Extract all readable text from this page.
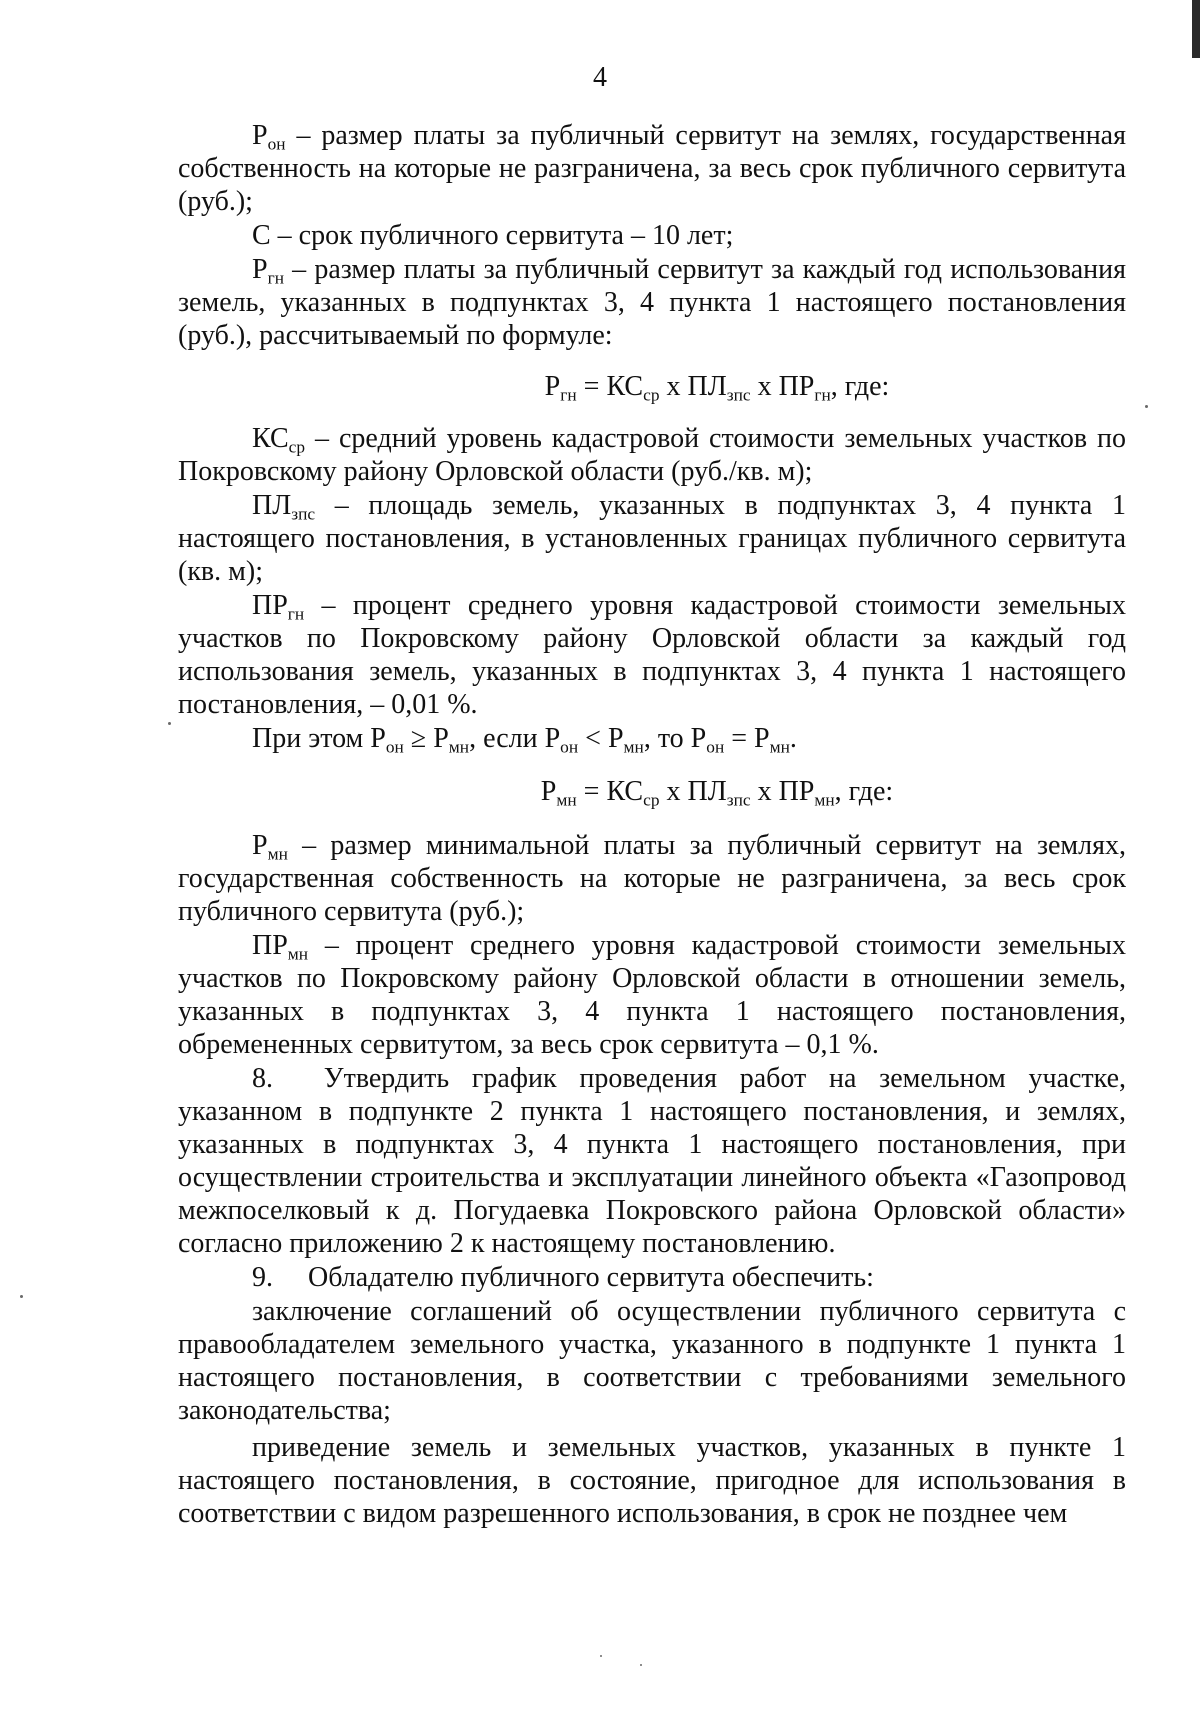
4

$Р_{он}$ – размер платы за публичный сервитут на землях, государственная собственность на которые не разграничена, за весь срок публичного сервитута (руб.);

С – срок публичного сервитута – 10 лет;

$Р_{гн}$ – размер платы за публичный сервитут за каждый год использования земель, указанных в подпунктах 3, 4 пункта 1 настоящего постановления (руб.), рассчитываемый по формуле:

$Р_{гн} = КС_{ср}$ х $ПЛ_{зпс}$ х $ПР_{гн}$, где:

$КС_{ср}$ – средний уровень кадастровой стоимости земельных участков по Покровскому району Орловской области (руб./кв. м);

$ПЛ_{зпс}$ – площадь земель, указанных в подпунктах 3, 4 пункта 1 настоящего постановления, в установленных границах публичного сервитута (кв. м);

$ПР_{гн}$ – процент среднего уровня кадастровой стоимости земельных участков по Покровскому району Орловской области за каждый год использования земель, указанных в подпунктах 3, 4 пункта 1 настоящего постановления, – 0,01 %.

При этом $Р_{он} \ge Р_{мн}$, если $Р_{он} < Р_{мн}$, то $Р_{он} = Р_{мн}$.

$Р_{мн} = КС_{ср}$ х $ПЛ_{зпс}$ х $ПР_{мн}$, где:

$Р_{мн}$ – размер минимальной платы за публичный сервитут на землях, государственная собственность на которые не разграничена, за весь срок публичного сервитута (руб.);

$ПР_{мн}$ – процент среднего уровня кадастровой стоимости земельных участков по Покровскому району Орловской области в отношении земель, указанных в подпунктах 3, 4 пункта 1 настоящего постановления, обремененных сервитутом, за весь срок сервитута – 0,1 %.

8.  Утвердить график проведения работ на земельном участке, указанном в подпункте 2 пункта 1 настоящего постановления, и землях, указанных в подпунктах 3, 4 пункта 1 настоящего постановления, при осуществлении строительства и эксплуатации линейного объекта «Газопровод межпоселковый к д. Погудаевка Покровского района Орловской области» согласно приложению 2 к настоящему постановлению.

9.  Обладателю публичного сервитута обеспечить:

заключение соглашений об осуществлении публичного сервитута с правообладателем земельного участка, указанного в подпункте 1 пункта 1 настоящего постановления, в соответствии с требованиями земельного законодательства;

приведение земель и земельных участков, указанных в пункте 1 настоящего постановления, в состояние, пригодное для использования в соответствии с видом разрешенного использования, в срок не позднее чем
